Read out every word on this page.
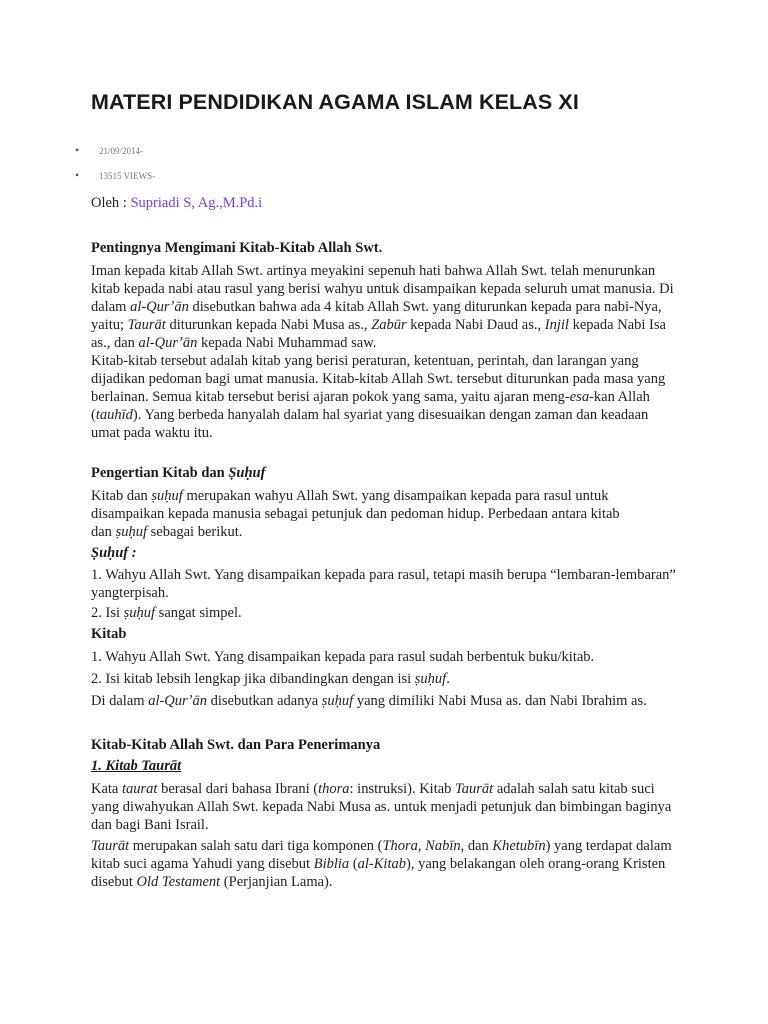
MATERI PENDIDIKAN AGAMA ISLAM KELAS XI
• 21/09/2014-
• 13515 VIEWS-

Oleh : Supriadi S, Ag.,M.Pd.i

Pentingnya Mengimani Kitab-Kitab Allah Swt.
Iman kepada kitab Allah Swt. artinya meyakini sepenuh hati bahwa Allah Swt. telah menurunkan
kitab kepada nabi atau rasul yang berisi wahyu untuk disampaikan kepada seluruh umat manusia. Di
dalam al-Qurʼān disebutkan bahwa ada 4 kitab Allah Swt. yang diturunkan kepada para nabi-Nya,
yaitu; Taurāt diturunkan kepada Nabi Musa as., Zabūr kepada Nabi Daud as., Injil kepada Nabi Isa
as., dan al-Qurʼān kepada Nabi Muhammad saw.
Kitab-kitab tersebut adalah kitab yang berisi peraturan, ketentuan, perintah, dan larangan yang
dijadikan pedoman bagi umat manusia. Kitab-kitab Allah Swt. tersebut diturunkan pada masa yang
berlainan. Semua kitab tersebut berisi ajaran pokok yang sama, yaitu ajaran meng-esa-kan Allah
(tauhīd). Yang berbeda hanyalah dalam hal syariat yang disesuaikan dengan zaman dan keadaan
umat pada waktu itu.
Pengertian Kitab dan Ṣuḥuf
Kitab dan ṣuḥuf merupakan wahyu Allah Swt. yang disampaikan kepada para rasul untuk
disampaikan kepada manusia sebagai petunjuk dan pedoman hidup. Perbedaan antara kitab
dan ṣuḥuf sebagai berikut.

Ṣuḥuf :

1. Wahyu Allah Swt. Yang disampaikan kepada para rasul, tetapi masih berupa “lembaran-lembaran”
yangterpisah.
2. Isi ṣuḥuf sangat simpel.

Kitab

1. Wahyu Allah Swt. Yang disampaikan kepada para rasul sudah berbentuk buku/kitab.
2. Isi kitab lebsih lengkap jika dibandingkan dengan isi ṣuḥuf.
Di dalam al-Qurʼān disebutkan adanya ṣuḥuf yang dimiliki Nabi Musa as. dan Nabi Ibrahim as.
Kitab-Kitab Allah Swt. dan Para Penerimanya

1. Kitab Taurāt

Kata taurat berasal dari bahasa Ibrani (thora: instruksi). Kitab Taurāt adalah salah satu kitab suci
yang diwahyukan Allah Swt. kepada Nabi Musa as. untuk menjadi petunjuk dan bimbingan baginya
dan bagi Bani Israil.
Taurāt merupakan salah satu dari tiga komponen (Thora, Nabīn, dan Khetubīn) yang terdapat dalam
kitab suci agama Yahudi yang disebut Biblia (al-Kitab), yang belakangan oleh orang-orang Kristen
disebut Old Testament (Perjanjian Lama).
